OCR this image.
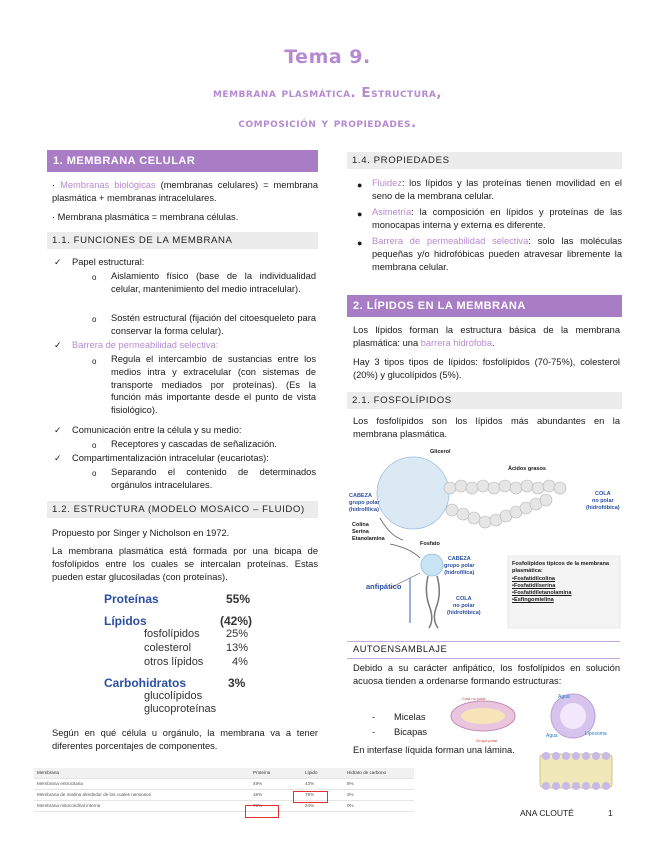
Tema 9.
membrana plasmática. Estructura,
composición y propiedades.
1. MEMBRANA CELULAR
· Membranas biológicas (membranas celulares) = membrana plasmática + membranas intracelulares.
· Membrana plasmática = membrana células.
1.1. FUNCIONES DE LA MEMBRANA
✓ Papel estructural:
o Aislamiento físico (base de la individualidad celular, mantenimiento del medio intracelular).
o Sostén estructural (fijación del citoesqueleto para conservar la forma celular).
✓ Barrera de permeabilidad selectiva:
o Regula el intercambio de sustancias entre los medios intra y extracelular (con sistemas de transporte mediados por proteínas). (Es la función más importante desde el punto de vista fisiológico).
✓ Comunicación entre la célula y su medio:
o Receptores y cascadas de señalización.
✓ Compartimentalización intracelular (eucariotas):
o Separando el contenido de determinados orgánulos intracelulares.
1.2. ESTRUCTURA (MODELO MOSAICO – FLUIDO)
Propuesto por Singer y Nicholson en 1972.
La membrana plasmática está formada por una bicapa de fosfolípidos entre los cuales se intercalan proteínas. Estas pueden estar glucosiladas (con proteínas).
Proteínas	55%
Lípidos	(42%)
fosfolípidos 25%
colesterol	13%
otros lípidos	4%
Carbohidratos	3%
glucolípidos
glucoproteínas
Según en qué célula u orgánulo, la membrana va a tener diferentes porcentajes de componentes.
Membrana	Proteína	Lípido	Hidrato de carbono
Membrana eritrocitaria	49%	43%	8%
Membrana de mielina alrededor de los cuales nerviosos	18%	79%	3%
Membrana mitocondrial interna	76%	24%	0%
1.4. PROPIEDADES
● Fluidez: los lípidos y las proteínas tienen movilidad en el seno de la membrana celular.
● Asimetría: la composición en lípidos y proteínas de las monocapas interna y externa es diferente.
● Barrera de permeabilidad selectiva: solo las moléculas pequeñas y/o hidrofóbicas pueden atravesar libremente la membrana celular.
2. LÍPIDOS EN LA MEMBRANA
Los lípidos forman la estructura básica de la membrana plasmática: una barrera hidrófoba.
Hay 3 tipos tipos de lípidos: fosfolípidos (70-75%), colesterol (20%) y glucolípidos (5%).
2.1. FOSFOLÍPIDOS
Los fosfolípidos son los lípidos más abundantes en la membrana plasmática.
Glicerol
Ácidos grasos
CABEZA
grupo polar
(hidrofílica)
COLA
no polar
(hidrofóbica)
Colina
Serina
Etanolamina
Fosfato
CABEZA
grupo polar
(hidrofílica)
anfipático
COLA
no polar
(hidrofóbica)
Fosfolípidos típicos de la membrana plasmática:
•Fosfatidilcolina
•Fosfatidilserina
•Fosfatidiletanolamina
•Esfingomielina
AUTOENSAMBLAJE
Debido a su carácter anfipático, los fosfolípidos en solución acuosa tienden a ordenarse formando estructuras:
- Micelas
- Bicapas
En interfase líquida forman una lámina.
Cola no polar
Grupo polar
Agua
Agua	Liposoma
ANA CLOUTÉ	1
